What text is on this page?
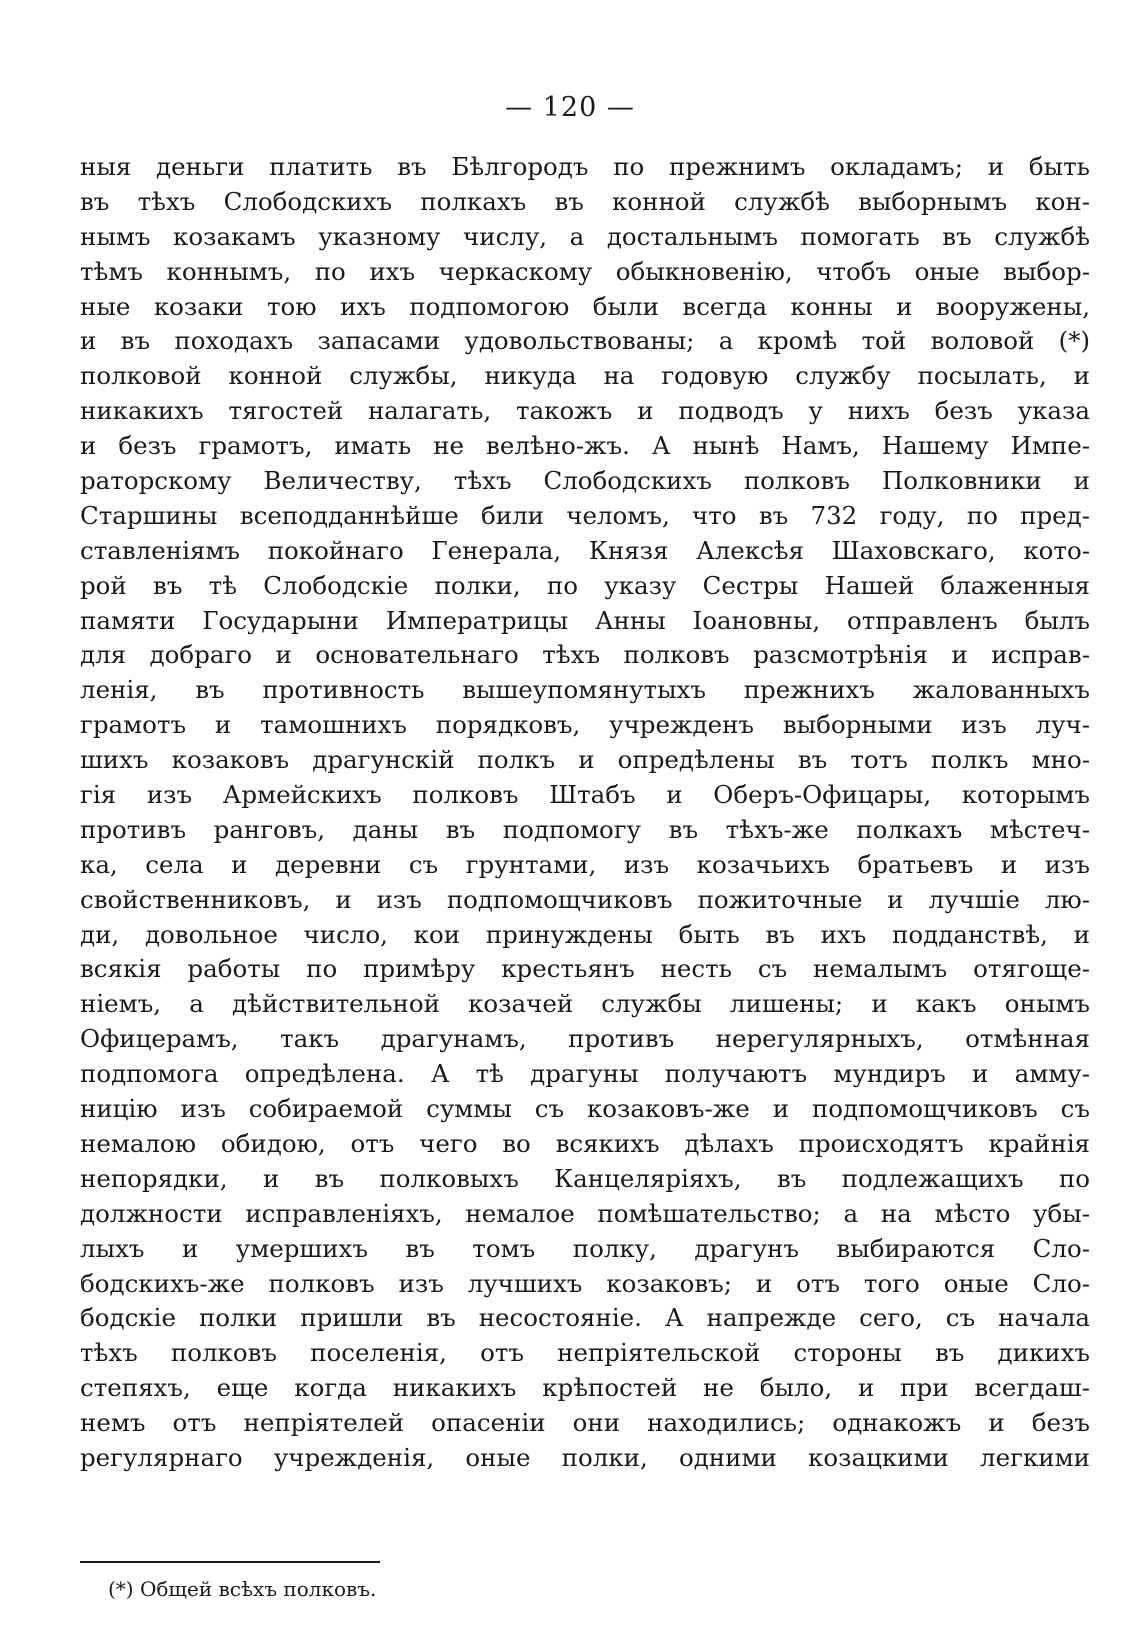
— 120 —
ныя деньги платить въ Бѣлгородъ по прежнимъ окладамъ; и быть
въ тѣхъ Слободскихъ полкахъ въ конной службѣ выборнымъ кон-
нымъ козакамъ указному числу, а достальнымъ помогать въ службѣ
тѣмъ коннымъ, по ихъ черкаскому обыкновенію, чтобъ оные выбор-
ные козаки тою ихъ подпомогою были всегда конны и вооружены,
и въ походахъ запасами удовольствованы; а кромѣ той воловой (*)
полковой конной службы, никуда на годовую службу посылать, и
никакихъ тягостей налагать, такожъ и подводъ у нихъ безъ указа
и безъ грамотъ, имать не велѣно-жъ. А нынѣ Намъ, Нашему Импе-
раторскому Величеству, тѣхъ Слободскихъ полковъ Полковники и
Старшины всеподданнѣйше били челомъ, что въ 732 году, по пред-
ставленіямъ покойнаго Генерала, Князя Алексѣя Шаховскаго, кото-
рой въ тѣ Слободскіе полки, по указу Сестры Нашей блаженныя
памяти Государыни Императрицы Анны Іоановны, отправленъ былъ
для добраго и основательнаго тѣхъ полковъ разсмотрѣнія и исправ-
ленія, въ противность вышеупомянутыхъ прежнихъ жалованныхъ
грамотъ и тамошнихъ порядковъ, учрежденъ выборными изъ луч-
шихъ козаковъ драгунскій полкъ и опредѣлены въ тотъ полкъ мно-
гія изъ Армейскихъ полковъ Штабъ и Оберъ-Офицары, которымъ
противъ ранговъ, даны въ подпомогу въ тѣхъ-же полкахъ мѣстеч-
ка, села и деревни съ грунтами, изъ козачьихъ братьевъ и изъ
свойственниковъ, и изъ подпомощчиковъ пожиточные и лучшіе лю-
ди, довольное число, кои принуждены быть въ ихъ подданствѣ, и
всякія работы по примѣру крестьянъ несть съ немалымъ отягоще-
ніемъ, а дѣйствительной козачей службы лишены; и какъ онымъ
Офицерамъ, такъ драгунамъ, противъ нерегулярныхъ, отмѣнная
подпомога опредѣлена. А тѣ драгуны получаютъ мундиръ и амму-
ницію изъ собираемой суммы съ козаковъ-же и подпомощчиковъ съ
немалою обидою, отъ чего во всякихъ дѣлахъ происходятъ крайнія
непорядки, и въ полковыхъ Канцеляріяхъ, въ подлежащихъ по
должности исправленіяхъ, немалое помѣшательство; а на мѣсто убы-
лыхъ и умершихъ въ томъ полку, драгунъ выбираются Сло-
бодскихъ-же полковъ изъ лучшихъ козаковъ; и отъ того оные Сло-
бодскіе полки пришли въ несостояніе. А напрежде сего, съ начала
тѣхъ полковъ поселенія, отъ непріятельской стороны въ дикихъ
степяхъ, еще когда никакихъ крѣпостей не было, и при всегдаш-
немъ отъ непріятелей опасеніи они находились; однакожъ и безъ
регулярнаго учрежденія, оные полки, одними козацкими легкими
(*) Общей всѣхъ полковъ.
